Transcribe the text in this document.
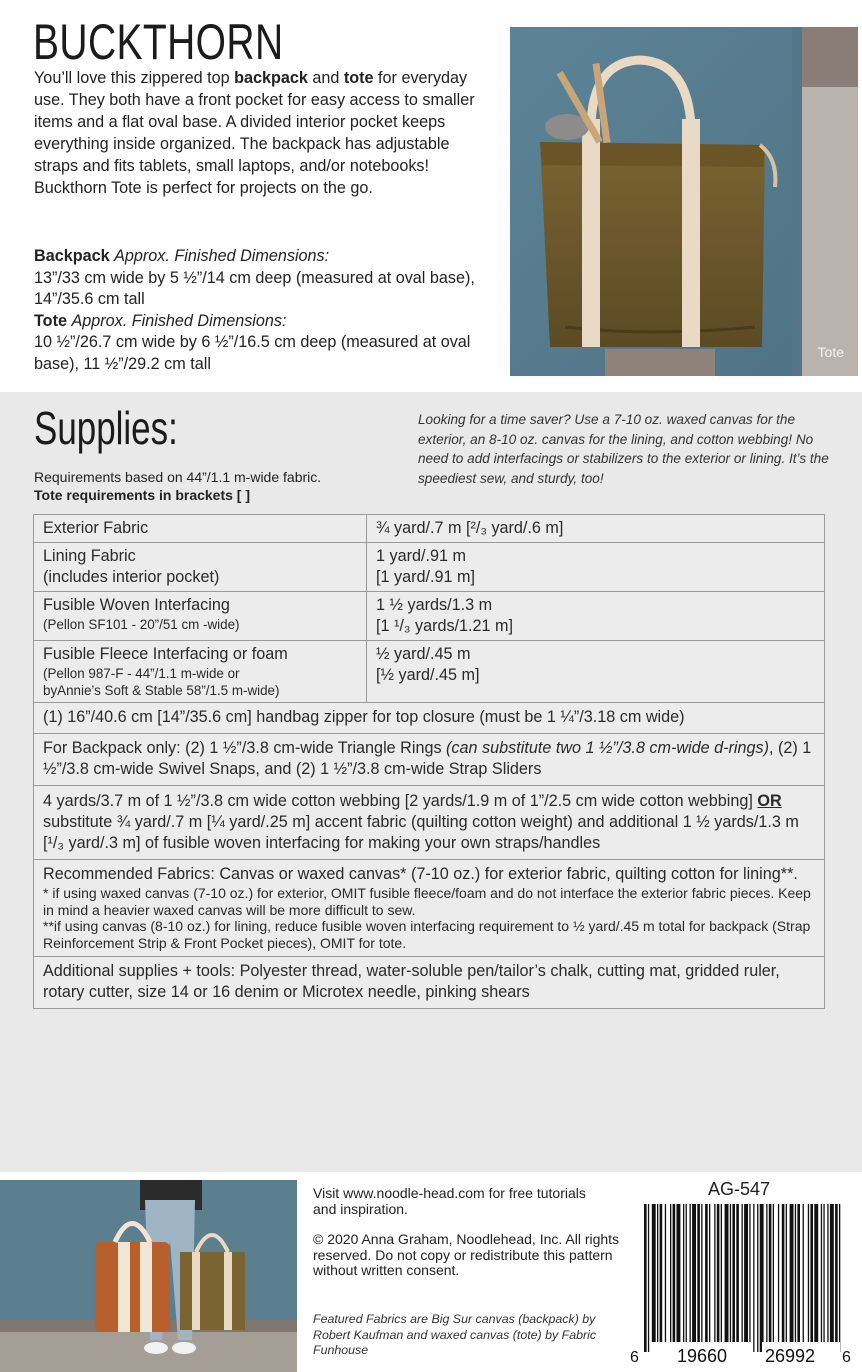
BUCKTHORN
You’ll love this zippered top backpack and tote for everyday use. They both have a front pocket for easy access to smaller items and a flat oval base. A divided interior pocket keeps everything inside organized. The backpack has adjustable straps and fits tablets, small laptops, and/or notebooks! Buckthorn Tote is perfect for projects on the go.
Backpack Approx. Finished Dimensions:
13”/33 cm wide by 5 ½”/14 cm deep (measured at oval base), 14”/35.6 cm tall
Tote Approx. Finished Dimensions:
10 ½”/26.7 cm wide by 6 ½”/16.5 cm deep (measured at oval base), 11 ½”/29.2 cm tall
Tote
Supplies:	Looking for a time saver? Use a 7-10 oz. waxed canvas for the exterior, an 8-10 oz. canvas for the lining, and cotton webbing! No need to add interfacings or stabilizers to the exterior or lining. It’s the speediest sew, and sturdy, too!
Requirements based on 44”/1.1 m-wide fabric.
Tote requirements in brackets [ ]
Exterior Fabric	¾ yard/.7 m [²/₃ yard/.6 m]
Lining Fabric
(includes interior pocket)
1 yard/.91 m
[1 yard/.91 m]
Fusible Woven Interfacing
(Pellon SF101 - 20”/51 cm -wide)
1 ½ yards/1.3 m
[1 ¹/₃ yards/1.21 m]
Fusible Fleece Interfacing or foam
(Pellon 987-F - 44”/1.1 m-wide or
byAnnie’s Soft & Stable 58”/1.5 m-wide)
½ yard/.45 m
[½ yard/.45 m]
(1) 16”/40.6 cm [14”/35.6 cm] handbag zipper for top closure (must be 1 ¼”/3.18 cm wide)
For Backpack only: (2) 1 ½”/3.8 cm-wide Triangle Rings (can substitute two 1 ½”/3.8 cm-wide d-rings), (2) 1 ½”/3.8 cm-wide Swivel Snaps, and (2) 1 ½”/3.8 cm-wide Strap Sliders
4 yards/3.7 m of 1 ½”/3.8 cm wide cotton webbing [2 yards/1.9 m of 1”/2.5 cm wide cotton webbing] OR substitute ¾ yard/.7 m [¼ yard/.25 m] accent fabric (quilting cotton weight) and additional 1 ½ yards/1.3 m [¹/₃ yard/.3 m] of fusible woven interfacing for making your own straps/handles
Recommended Fabrics: Canvas or waxed canvas* (7-10 oz.) for exterior fabric, quilting cotton for lining**.
* if using waxed canvas (7-10 oz.) for exterior, OMIT fusible fleece/foam and do not interface the exterior fabric pieces. Keep in mind a heavier waxed canvas will be more difficult to sew.
**if using canvas (8-10 oz.) for lining, reduce fusible woven interfacing requirement to ½ yard/.45 m total for backpack (Strap Reinforcement Strip & Front Pocket pieces), OMIT for tote.
Additional supplies + tools: Polyester thread, water-soluble pen/tailor’s chalk, cutting mat, gridded ruler, rotary cutter, size 14 or 16 denim or Microtex needle, pinking shears
Visit www.noodle-head.com for free tutorials and inspiration.
© 2020 Anna Graham, Noodlehead, Inc. All rights reserved. Do not copy or redistribute this pattern without written consent.
Featured Fabrics are Big Sur canvas (backpack) by Robert Kaufman and waxed canvas (tote) by Fabric Funhouse
AG-547
6 19660 26992 6
